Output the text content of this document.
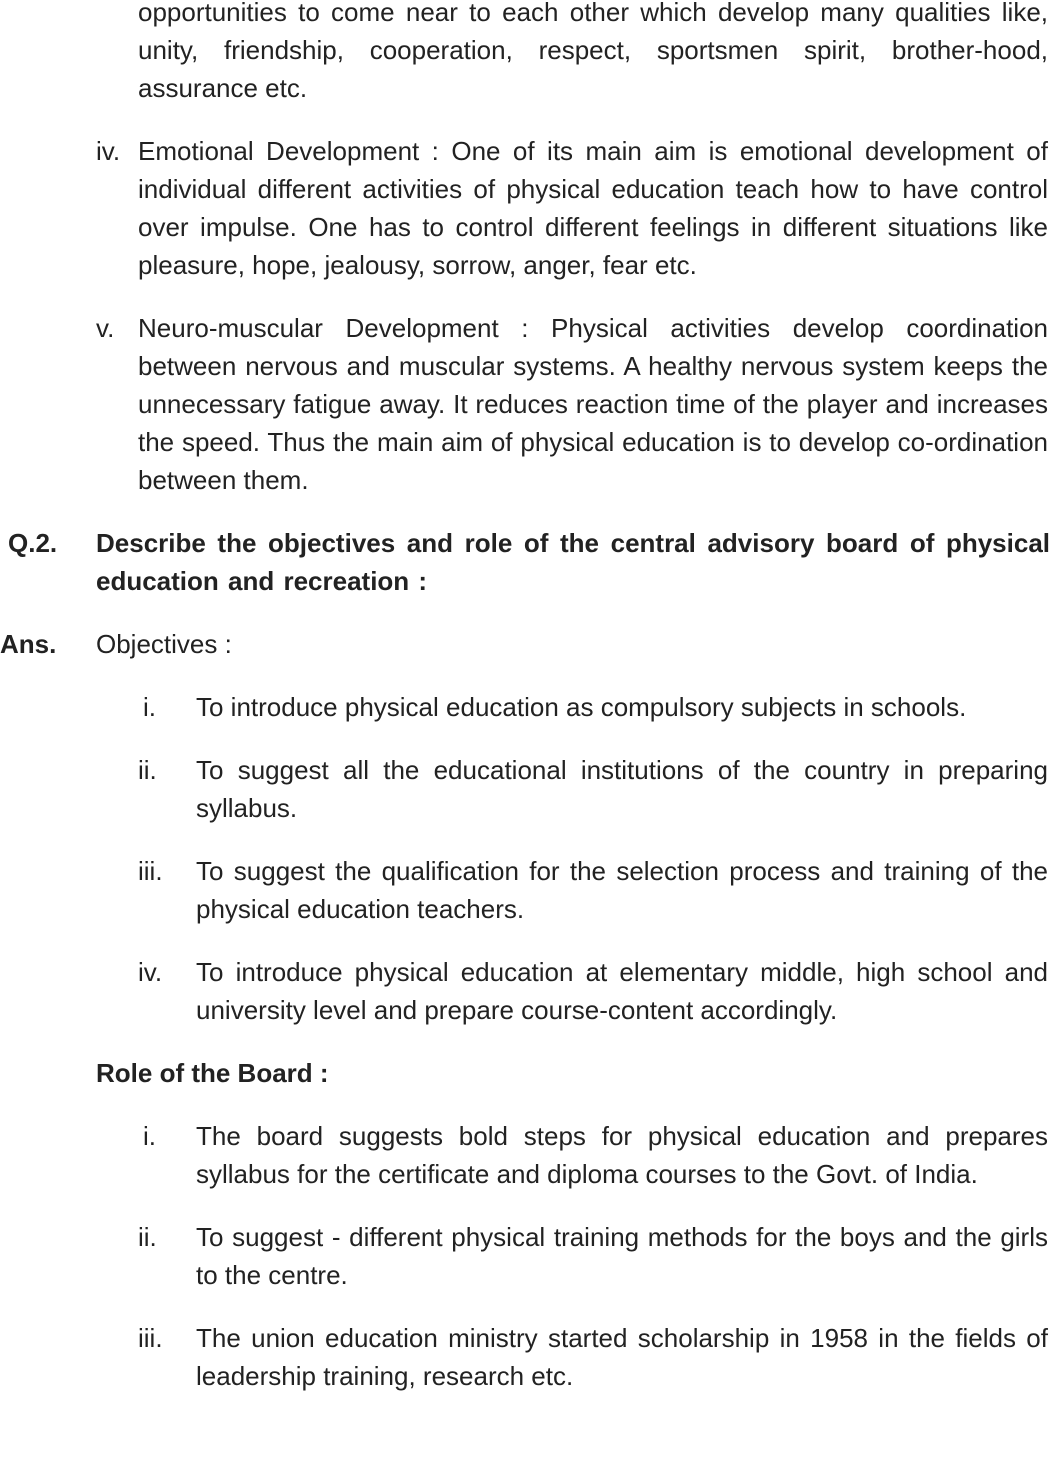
opportunities to come near to each other which develop many qualities like, unity, friendship, cooperation, respect, sportsmen spirit, brother-hood, assurance etc.

iv. Emotional Development : One of its main aim is emotional development of individual different activities of physical education teach how to have control over impulse. One has to control different feelings in different situations like pleasure, hope, jealousy, sorrow, anger, fear etc.
v. Neuro-muscular Development : Physical activities develop coordination between nervous and muscular systems. A healthy nervous system keeps the unnecessary fatigue away. It reduces reaction time of the player and increases the speed. Thus the main aim of physical education is to develop co-ordination between them.
Q.2.	Describe the objectives and role of the central advisory board of physical education and recreation :
Ans.	Objectives :
i.	To introduce physical education as compulsory subjects in schools.
ii.	To suggest all the educational institutions of the country in preparing syllabus.
iii.	To suggest the qualification for the selection process and training of the physical education teachers.
iv.	To introduce physical education at elementary middle, high school and university level and prepare course-content accordingly.
Role of the Board :
i.	The board suggests bold steps for physical education and prepares syllabus for the certificate and diploma courses to the Govt. of India.
ii.	To suggest - different physical training methods for the boys and the girls to the centre.
iii.	The union education ministry started scholarship in 1958 in the fields of leadership training, research etc.
